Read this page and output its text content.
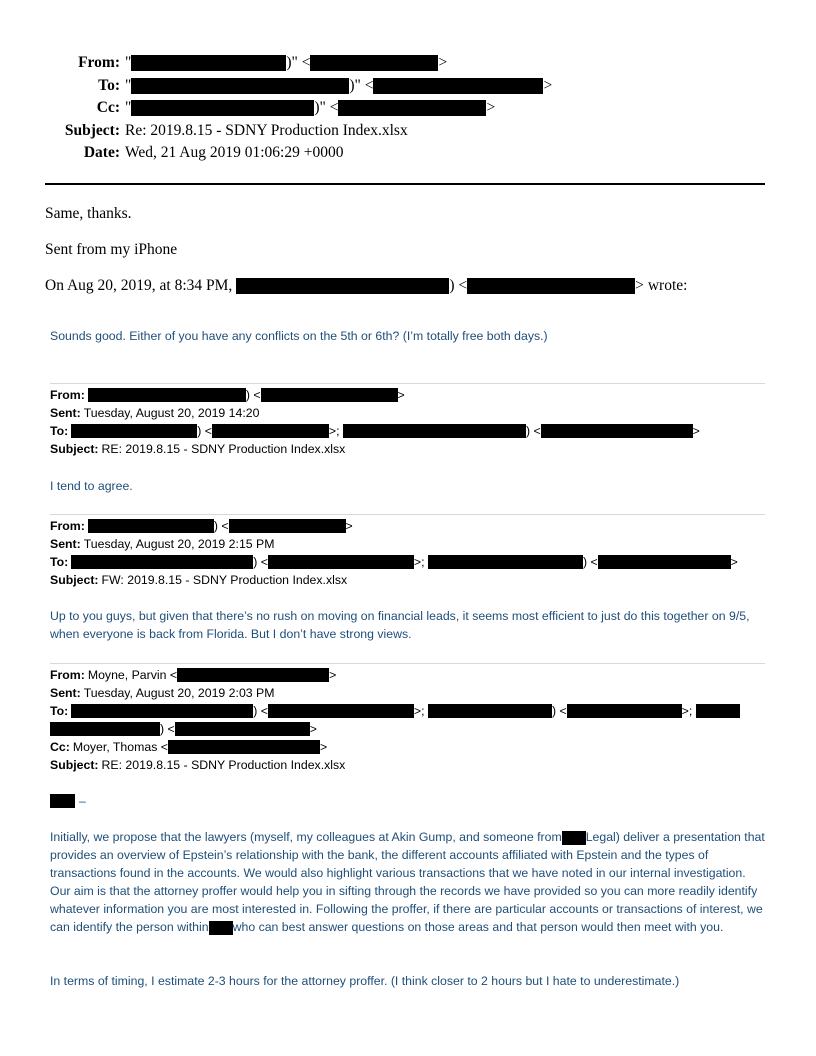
From: "	)" <	>
To: "	)" <	>
Cc: "	)" <	>
Subject: Re: 2019.8.15 - SDNY Production Index.xlsx
Date: Wed, 21 Aug 2019 01:06:29 +0000
Same, thanks.
Sent from my iPhone
On Aug 20, 2019, at 8:34 PM,	) <	> wrote:
Sounds good. Either of you have any conflicts on the 5th or 6th? (I’m totally free both days.)
From:	) <	>
Sent: Tuesday, August 20, 2019 14:20
To:	) <	>;	) <	>
Subject: RE: 2019.8.15 - SDNY Production Index.xlsx
I tend to agree.
From:	) <	>
Sent: Tuesday, August 20, 2019 2:15 PM
To:	) <	>;	) <	>
Subject: FW: 2019.8.15 - SDNY Production Index.xlsx
Up to you guys, but given that there’s no rush on moving on financial leads, it seems most efficient to just do this together on 9/5, when everyone is back from Florida. But I don’t have strong views.
From: Moyne, Parvin <	>
Sent: Tuesday, August 20, 2019 2:03 PM
To:	) <	>;	) <	>;
) <	>
Cc: Moyer, Thomas <	>
Subject: RE: 2019.8.15 - SDNY Production Index.xlsx
–
Initially, we propose that the lawyers (myself, my colleagues at Akin Gump, and someone from Legal) deliver a presentation that provides an overview of Epstein’s relationship with the bank, the different accounts affiliated with Epstein and the types of transactions found in the accounts. We would also highlight various transactions that we have noted in our internal investigation. Our aim is that the attorney proffer would help you in sifting through the records we have provided so you can more readily identify whatever information you are most interested in. Following the proffer, if there are particular accounts or transactions of interest, we can identify the person within who can best answer questions on those areas and that person would then meet with you.
In terms of timing, I estimate 2-3 hours for the attorney proffer. (I think closer to 2 hours but I hate to underestimate.)
